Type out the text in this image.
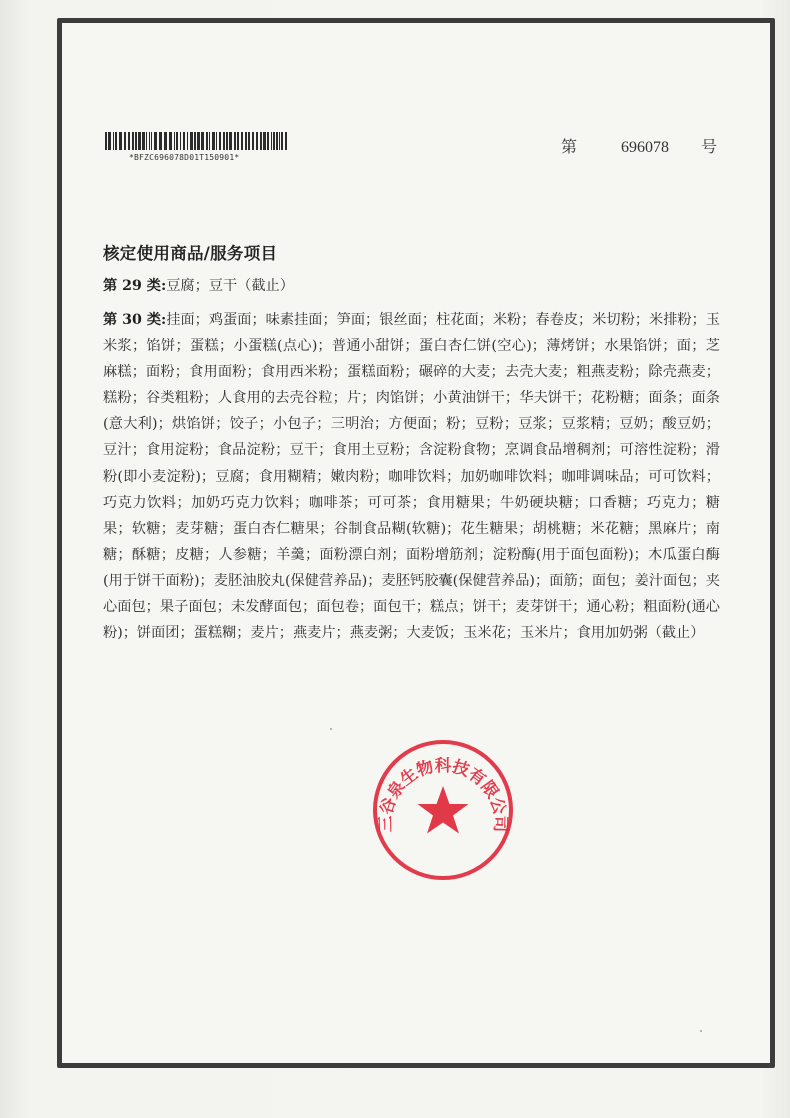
*BFZC696078D01T150901*
第	696078 号
核定使用商品/服务项目
第 29 类:豆腐；豆干（截止）
第 30 类:挂面；鸡蛋面；味素挂面；笋面；银丝面；柱花面；米粉；春卷皮；米切粉；米排粉；玉米浆；馅饼；蛋糕；小蛋糕(点心)；普通小甜饼；蛋白杏仁饼(空心)；薄烤饼；水果馅饼；面；芝麻糕；面粉；食用面粉；食用西米粉；蛋糕面粉；碾碎的大麦；去壳大麦；粗燕麦粉；除壳燕麦；糕粉；谷类粗粉；人食用的去壳谷粒；片；肉馅饼；小黄油饼干；华夫饼干；花粉糖；面条；面条(意大利)；烘馅饼；饺子；小包子；三明治；方便面；粉；豆粉；豆浆；豆浆精；豆奶；酸豆奶；豆汁；食用淀粉；食品淀粉；豆干；食用土豆粉；含淀粉食物；烹调食品增稠剂；可溶性淀粉；滑粉(即小麦淀粉)；豆腐；食用糊精；嫩肉粉；咖啡饮料；加奶咖啡饮料；咖啡调味品；可可饮料；巧克力饮料；加奶巧克力饮料；咖啡茶；可可茶；食用糖果；牛奶硬块糖；口香糖；巧克力；糖果；软糖；麦芽糖；蛋白杏仁糖果；谷制食品糊(软糖)；花生糖果；胡桃糖；米花糖；黑麻片；南糖；酥糖；皮糖；人参糖；羊羹；面粉漂白剂；面粉增筋剂；淀粉酶(用于面包面粉)；木瓜蛋白酶(用于饼干面粉)；麦胚油胶丸(保健营养品)；麦胚钙胶囊(保健营养品)；面筋；面包；姜汁面包；夹心面包；果子面包；未发酵面包；面包卷；面包干；糕点；饼干；麦芽饼干；通心粉；粗面粉(通心粉)；饼面团；蛋糕糊；麦片；燕麦片；燕麦粥；大麦饭；玉米花；玉米片；食用加奶粥（截止）
三谷泉生物科技有限公司
